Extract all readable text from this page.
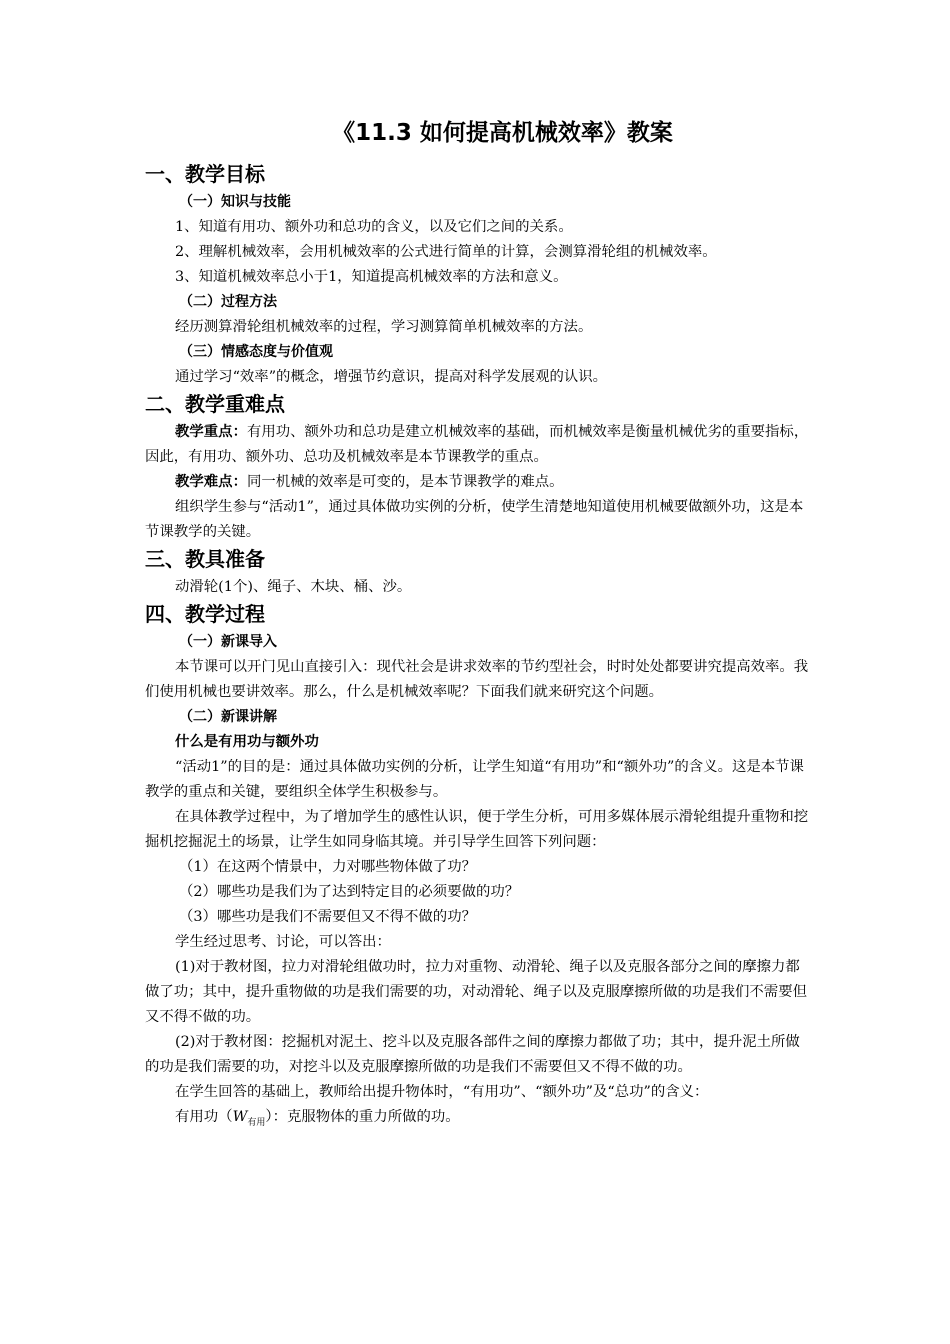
《11.3 如何提高机械效率》教案
一、教学目标
（一）知识与技能
1、知道有用功、额外功和总功的含义，以及它们之间的关系。
2、理解机械效率，会用机械效率的公式进行简单的计算，会测算滑轮组的机械效率。
3、知道机械效率总小于1，知道提高机械效率的方法和意义。
（二）过程方法
经历测算滑轮组机械效率的过程，学习测算简单机械效率的方法。
（三）情感态度与价值观
通过学习“效率”的概念，增强节约意识，提高对科学发展观的认识。
二、教学重难点
教学重点：有用功、额外功和总功是建立机械效率的基础，而机械效率是衡量机械优劣的重要指标，因此，有用功、额外功、总功及机械效率是本节课教学的重点。
教学难点：同一机械的效率是可变的，是本节课教学的难点。
组织学生参与“活动1”，通过具体做功实例的分析，使学生清楚地知道使用机械要做额外功，这是本节课教学的关键。
三、教具准备
动滑轮(1个)、绳子、木块、桶、沙。
四、教学过程
（一）新课导入
本节课可以开门见山直接引入：现代社会是讲求效率的节约型社会，时时处处都要讲究提高效率。我们使用机械也要讲效率。那么，什么是机械效率呢？下面我们就来研究这个问题。
（二）新课讲解
什么是有用功与额外功
“活动1”的目的是：通过具体做功实例的分析，让学生知道“有用功”和“额外功”的含义。这是本节课教学的重点和关键，要组织全体学生积极参与。
在具体教学过程中，为了增加学生的感性认识，便于学生分析，可用多媒体展示滑轮组提升重物和挖掘机挖掘泥土的场景，让学生如同身临其境。并引导学生回答下列问题：
（1）在这两个情景中，力对哪些物体做了功？
（2）哪些功是我们为了达到特定目的必须要做的功？
（3）哪些功是我们不需要但又不得不做的功？
学生经过思考、讨论，可以答出：
(1)对于教材图，拉力对滑轮组做功时，拉力对重物、动滑轮、绳子以及克服各部分之间的摩擦力都做了功；其中，提升重物做的功是我们需要的功，对动滑轮、绳子以及克服摩擦所做的功是我们不需要但又不得不做的功。
(2)对于教材图：挖掘机对泥土、挖斗以及克服各部件之间的摩擦力都做了功；其中，提升泥土所做的功是我们需要的功，对挖斗以及克服摩擦所做的功是我们不需要但又不得不做的功。
在学生回答的基础上，教师给出提升物体时，“有用功”、“额外功”及“总功”的含义：
有用功$(W_{有用})$：克服物体的重力所做的功。
